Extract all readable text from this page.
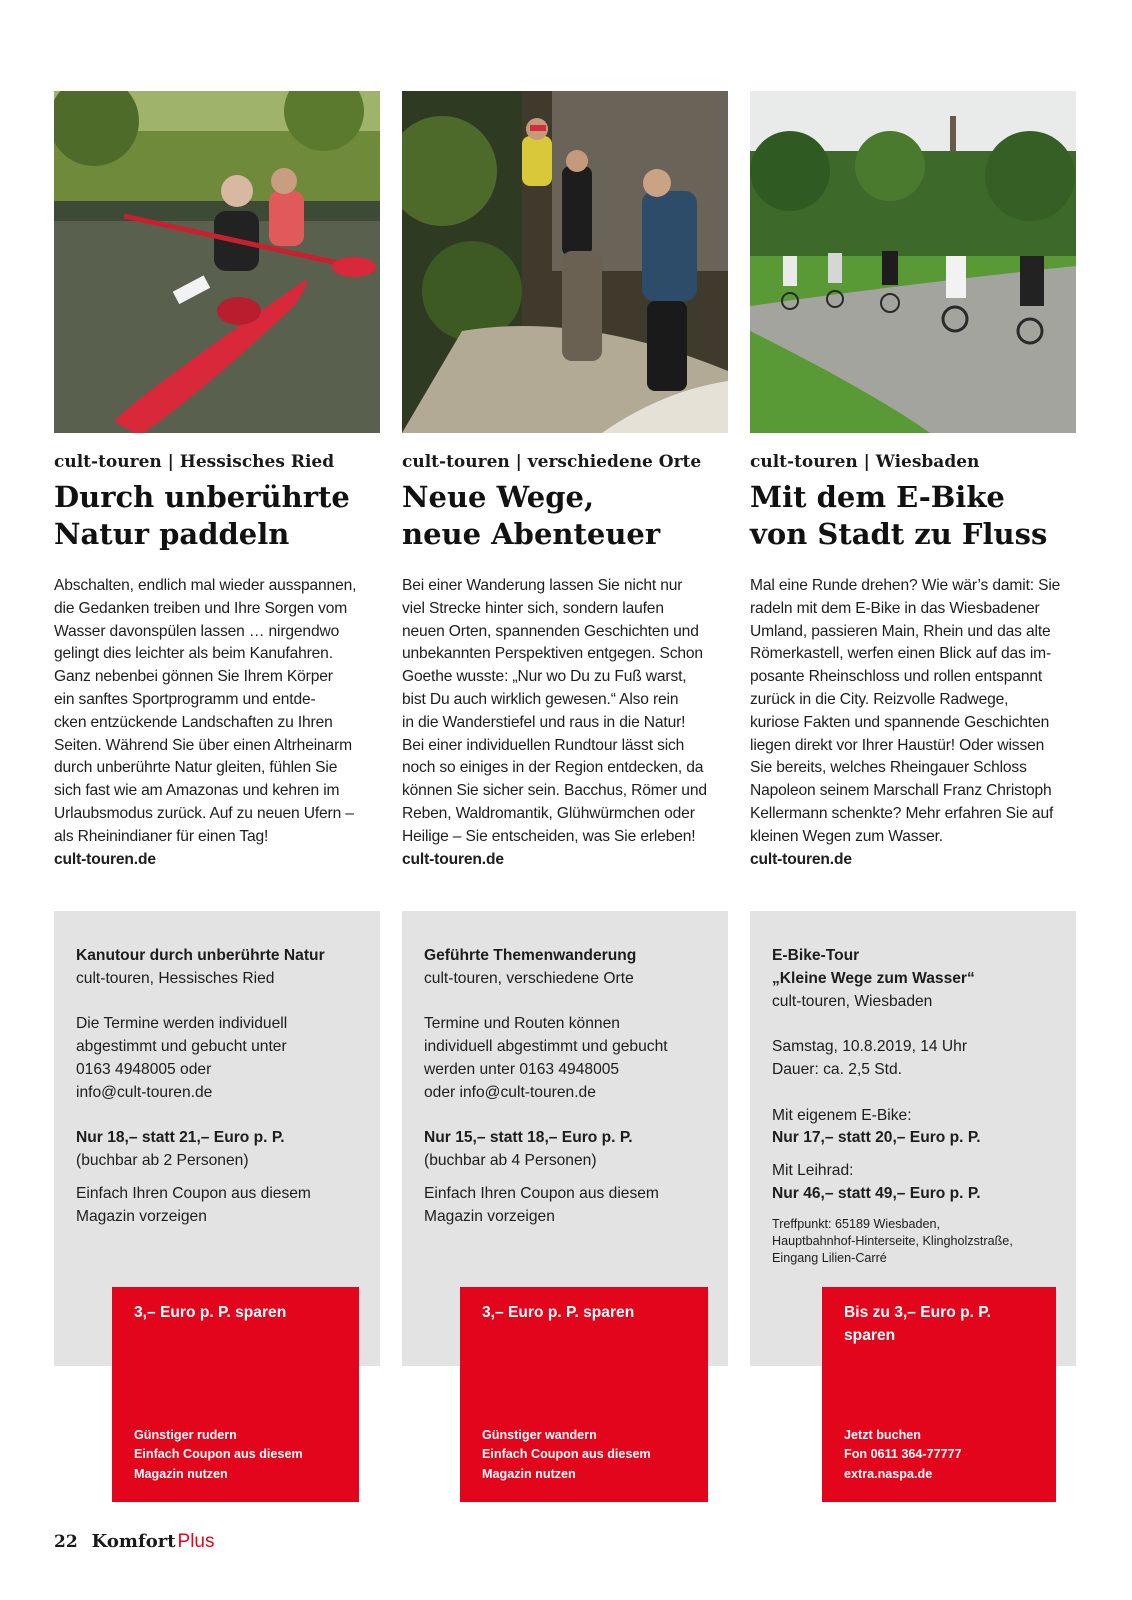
cult-touren | Hessisches Ried	cult-touren | verschiedene Orte	cult-touren | Wiesbaden
Durch unberührte
Natur paddeln
Neue Wege,
neue Abenteuer
Mit dem E-Bike
von Stadt zu Fluss
Abschalten, endlich mal wieder ausspannen,
die Gedanken treiben und Ihre Sorgen vom
Wasser davonspülen lassen … nirgendwo
gelingt dies leichter als beim Kanufahren.
Ganz nebenbei gönnen Sie Ihrem Körper
ein sanftes Sportprogramm und entde-
cken entzückende Landschaften zu Ihren
Seiten. Während Sie über einen Altrheinarm
durch unberührte Natur gleiten, fühlen Sie
sich fast wie am Amazonas und kehren im
Urlaubsmodus zurück. Auf zu neuen Ufern –
als Rheinindianer für einen Tag!
cult-touren.de
Bei einer Wanderung lassen Sie nicht nur
viel Strecke hinter sich, sondern laufen
neuen Orten, spannenden Geschichten und
unbekannten Perspektiven entgegen. Schon
Goethe wusste: „Nur wo Du zu Fuß warst,
bist Du auch wirklich gewesen.“ Also rein
in die Wanderstiefel und raus in die Natur!
Bei einer individuellen Rundtour lässt sich
noch so einiges in der Region entdecken, da
können Sie sicher sein. Bacchus, Römer und
Reben, Waldromantik, Glühwürmchen oder
Heilige – Sie entscheiden, was Sie erleben!
cult-touren.de
Mal eine Runde drehen? Wie wär’s damit: Sie
radeln mit dem E-Bike in das Wiesbadener
Umland, passieren Main, Rhein und das alte
Römerkastell, werfen einen Blick auf das im-
posante Rheinschloss und rollen entspannt
zurück in die City. Reizvolle Radwege,
kuriose Fakten und spannende Geschichten
liegen direkt vor Ihrer Haustür! Oder wissen
Sie bereits, welches Rheingauer Schloss
Napoleon seinem Marschall Franz Christoph
Kellermann schenkte? Mehr erfahren Sie auf
kleinen Wegen zum Wasser.
cult-touren.de
Kanutour durch unberührte Natur
cult-touren, Hessisches Ried
Die Termine werden individuell
abgestimmt und gebucht unter
0163 4948005 oder
info@cult-touren.de
Nur 18,– statt 21,– Euro p. P.
(buchbar ab 2 Personen)
Einfach Ihren Coupon aus diesem
Magazin vorzeigen
Geführte Themenwanderung
cult-touren, verschiedene Orte
Termine und Routen können
individuell abgestimmt und gebucht
werden unter 0163 4948005
oder info@cult-touren.de
Nur 15,– statt 18,– Euro p. P.
(buchbar ab 4 Personen)
Einfach Ihren Coupon aus diesem
Magazin vorzeigen
E-Bike-Tour
„Kleine Wege zum Wasser“
cult-touren, Wiesbaden
Samstag, 10.8.2019, 14 Uhr
Dauer: ca. 2,5 Std.
Mit eigenem E-Bike:
Nur 17,– statt 20,– Euro p. P.
Mit Leihrad:
Nur 46,– statt 49,– Euro p. P.
Treffpunkt: 65189 Wiesbaden,
Hauptbahnhof-Hinterseite, Klingholzstraße,
Eingang Lilien-Carré
3,– Euro p. P. sparen
Günstiger rudern
Einfach Coupon aus diesem
Magazin nutzen
3,– Euro p. P. sparen
Günstiger wandern
Einfach Coupon aus diesem
Magazin nutzen
Bis zu 3,– Euro p. P.
sparen
Jetzt buchen
Fon 0611 364-77777
extra.naspa.de
22 Komfort Plus
